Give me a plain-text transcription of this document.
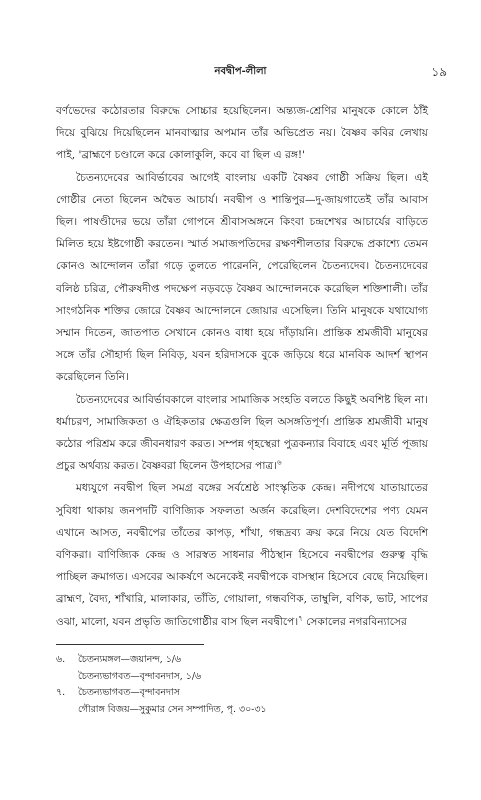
নবদ্বীপ-লীলা	১৯

বর্ণভেদের কঠোরতার বিরুদ্ধে সোচ্চার হয়েছিলেন। অন্ত্যজ-শ্রেণির মানুষকে কোলে ঠাঁই দিয়ে বুঝিয়ে দিয়েছিলেন মানবাত্মার অপমান তাঁর অভিপ্রেত নয়। বৈষ্ণব কবির লেখায় পাই, 'ব্রাহ্মণে চণ্ডালে করে কোলাকুলি, কবে বা ছিল এ রঙ্গ!'

চৈতন্যদেবের আবির্ভাবের আগেই বাংলায় একটি বৈষ্ণব গোষ্ঠী সক্রিয় ছিল। এই গোষ্ঠীর নেতা ছিলেন অদ্বৈত আচার্য। নবদ্বীপ ও শান্তিপুর—দু-জায়গাতেই তাঁর আবাস ছিল। পাষণ্ডীদের ভয়ে তাঁরা গোপনে শ্রীবাসঅঙ্গনে কিংবা চন্দ্রশেখর আচার্যের বাড়িতে মিলিত হয়ে ইষ্টগোষ্ঠী করতেন। স্মার্ত সমাজপতিদের রক্ষণশীলতার বিরুদ্ধে প্রকাশ্যে তেমন কোনও আন্দোলন তাঁরা গড়ে তুলতে পারেননি, পেরেছিলেন চৈতন্যদেব। চৈতন্যদেবের বলিষ্ঠ চরিত্র, পৌরুষদীপ্ত পদক্ষেপ নড়বড়ে বৈষ্ণব আন্দোলনকে করেছিল শক্তিশালী। তাঁর সাংগঠনিক শক্তির জোরে বৈষ্ণব আন্দোলনে জোয়ার এসেছিল। তিনি মানুষকে যথাযোগ্য সম্মান দিতেন, জাতপাত সেখানে কোনও বাধা হয়ে দাঁড়ায়নি। প্রান্তিক শ্রমজীবী মানুষের সঙ্গে তাঁর সৌহার্দ্য ছিল নিবিড়, যবন হরিদাসকে বুকে জড়িয়ে ধরে মানবিক আদর্শ স্থাপন করেছিলেন তিনি।

চৈতন্যদেবের আবির্ভাবকালে বাংলার সামাজিক সংহতি বলতে কিছুই অবশিষ্ট ছিল না। ধর্মাচরণ, সামাজিকতা ও ঐহিকতার ক্ষেত্রগুলি ছিল অসঙ্গতিপূর্ণ। প্রান্তিক শ্রমজীবী মানুষ কঠোর পরিশ্রম করে জীবনধারণ করত। সম্পন্ন গৃহস্থেরা পুত্রকন্যার বিবাহে এবং মূর্তি পূজায় প্রচুর অর্থব্যয় করত। বৈষ্ণবরা ছিলেন উপহাসের পাত্র।$^৬$

মধ্যযুগে নবদ্বীপ ছিল সমগ্র বঙ্গের সর্বশ্রেষ্ঠ সাংস্কৃতিক কেন্দ্র। নদীপথে যাতায়াতের সুবিধা থাকায় জনপদটি বাণিজ্যিক সফলতা অর্জন করেছিল। দেশবিদেশের পণ্য যেমন এখানে আসত, নবদ্বীপের তাঁতের কাপড়, শাঁখা, গন্ধদ্রব্য ক্রয় করে নিয়ে যেত বিদেশি বণিকরা। বাণিজ্যিক কেন্দ্র ও সারস্বত সাধনার পীঠস্থান হিসেবে নবদ্বীপের গুরুত্ব বৃদ্ধি পাচ্ছিল ক্রমাগত। এসবের আকর্ষণে অনেকেই নবদ্বীপকে বাসস্থান হিসেবে বেছে নিয়েছিল। ব্রাহ্মণ, বৈদ্য, শাঁখারি, মালাকার, তাঁতি, গোয়ালা, গন্ধবণিক, তাম্বুলি, বণিক, ভাট, সাপের ওঝা, মালো, যবন প্রভৃতি জাতিগোষ্ঠীর বাস ছিল নবদ্বীপে।$^৭$ সেকালের নগরবিন্যাসের

৬. চৈতন্যমঙ্গল—জয়ানন্দ, ১/৬

চৈতন্যভাগবত—বৃন্দাবনদাস, ১/৬

৭. চৈতন্যভাগবত—বৃন্দাবনদাস

গৌরাঙ্গ বিজয়—সুকুমার সেন সম্পাদিত, পৃ. ৩০-৩১
